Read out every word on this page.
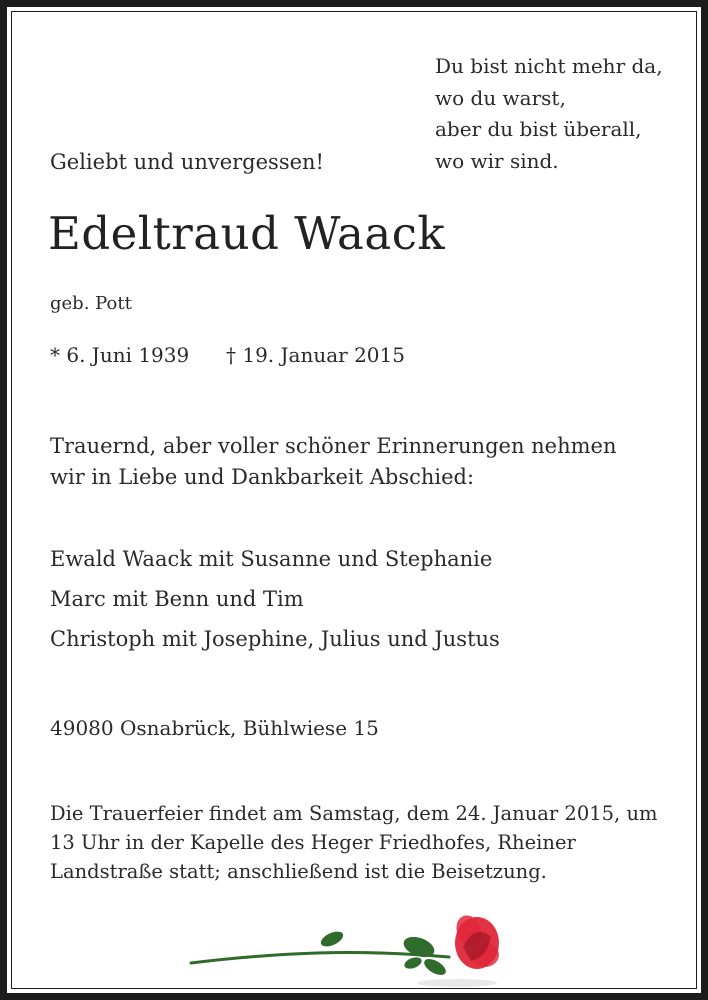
Du bist nicht mehr da,
wo du warst,
aber du bist überall,
wo wir sind.
Geliebt und unvergessen!
Edeltraud Waack
geb. Pott
* 6. Juni 1939 † 19. Januar 2015
Trauernd, aber voller schöner Erinnerungen nehmen
wir in Liebe und Dankbarkeit Abschied:
Ewald Waack mit Susanne und Stephanie
Marc mit Benn und Tim
Christoph mit Josephine, Julius und Justus
49080 Osnabrück, Bühlwiese 15
Die Trauerfeier findet am Samstag, dem 24. Januar 2015, um
13 Uhr in der Kapelle des Heger Friedhofes, Rheiner
Landstraße statt; anschließend ist die Beisetzung.
